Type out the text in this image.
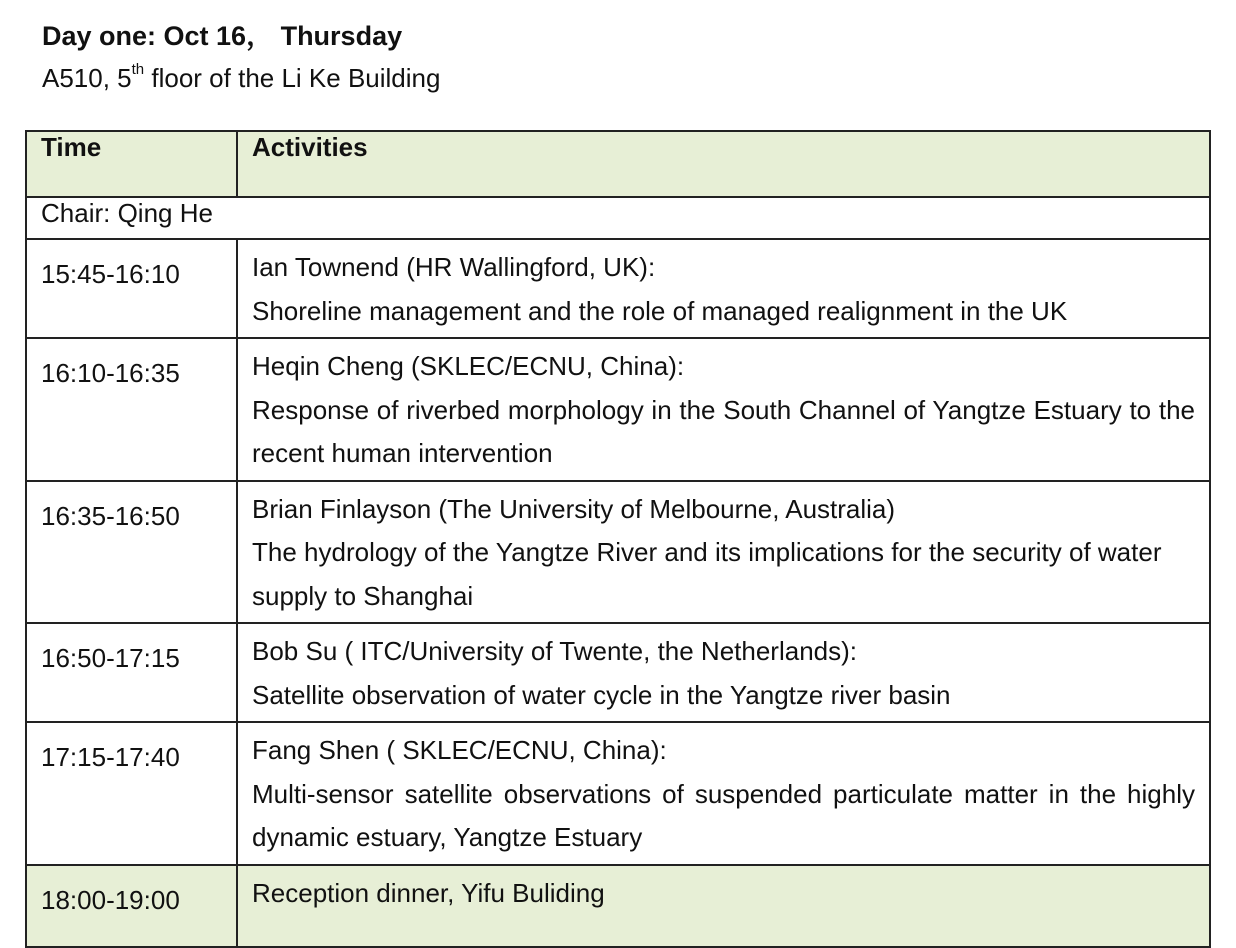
Day one: Oct 16， Thursday
A510, 5th floor of the Li Ke Building
Time	Activities

Chair: Qing He	

15:45-16:10	Ian Townend (HR Wallingford, UK):
Shoreline management and the role of managed realignment in the UK

16:10-16:35	Heqin Cheng (SKLEC/ECNU, China):
Response of riverbed morphology in the South Channel of Yangtze Estuary to the recent human intervention

16:35-16:50	Brian Finlayson (The University of Melbourne, Australia)
The hydrology of the Yangtze River and its implications for the security of water supply to Shanghai

16:50-17:15	Bob Su ( ITC/University of Twente, the Netherlands):
Satellite observation of water cycle in the Yangtze river basin

17:15-17:40	Fang Shen ( SKLEC/ECNU, China):
Multi-sensor satellite observations of suspended particulate matter in the highly dynamic estuary, Yangtze Estuary

18:00-19:00	Reception dinner, Yifu Buliding
